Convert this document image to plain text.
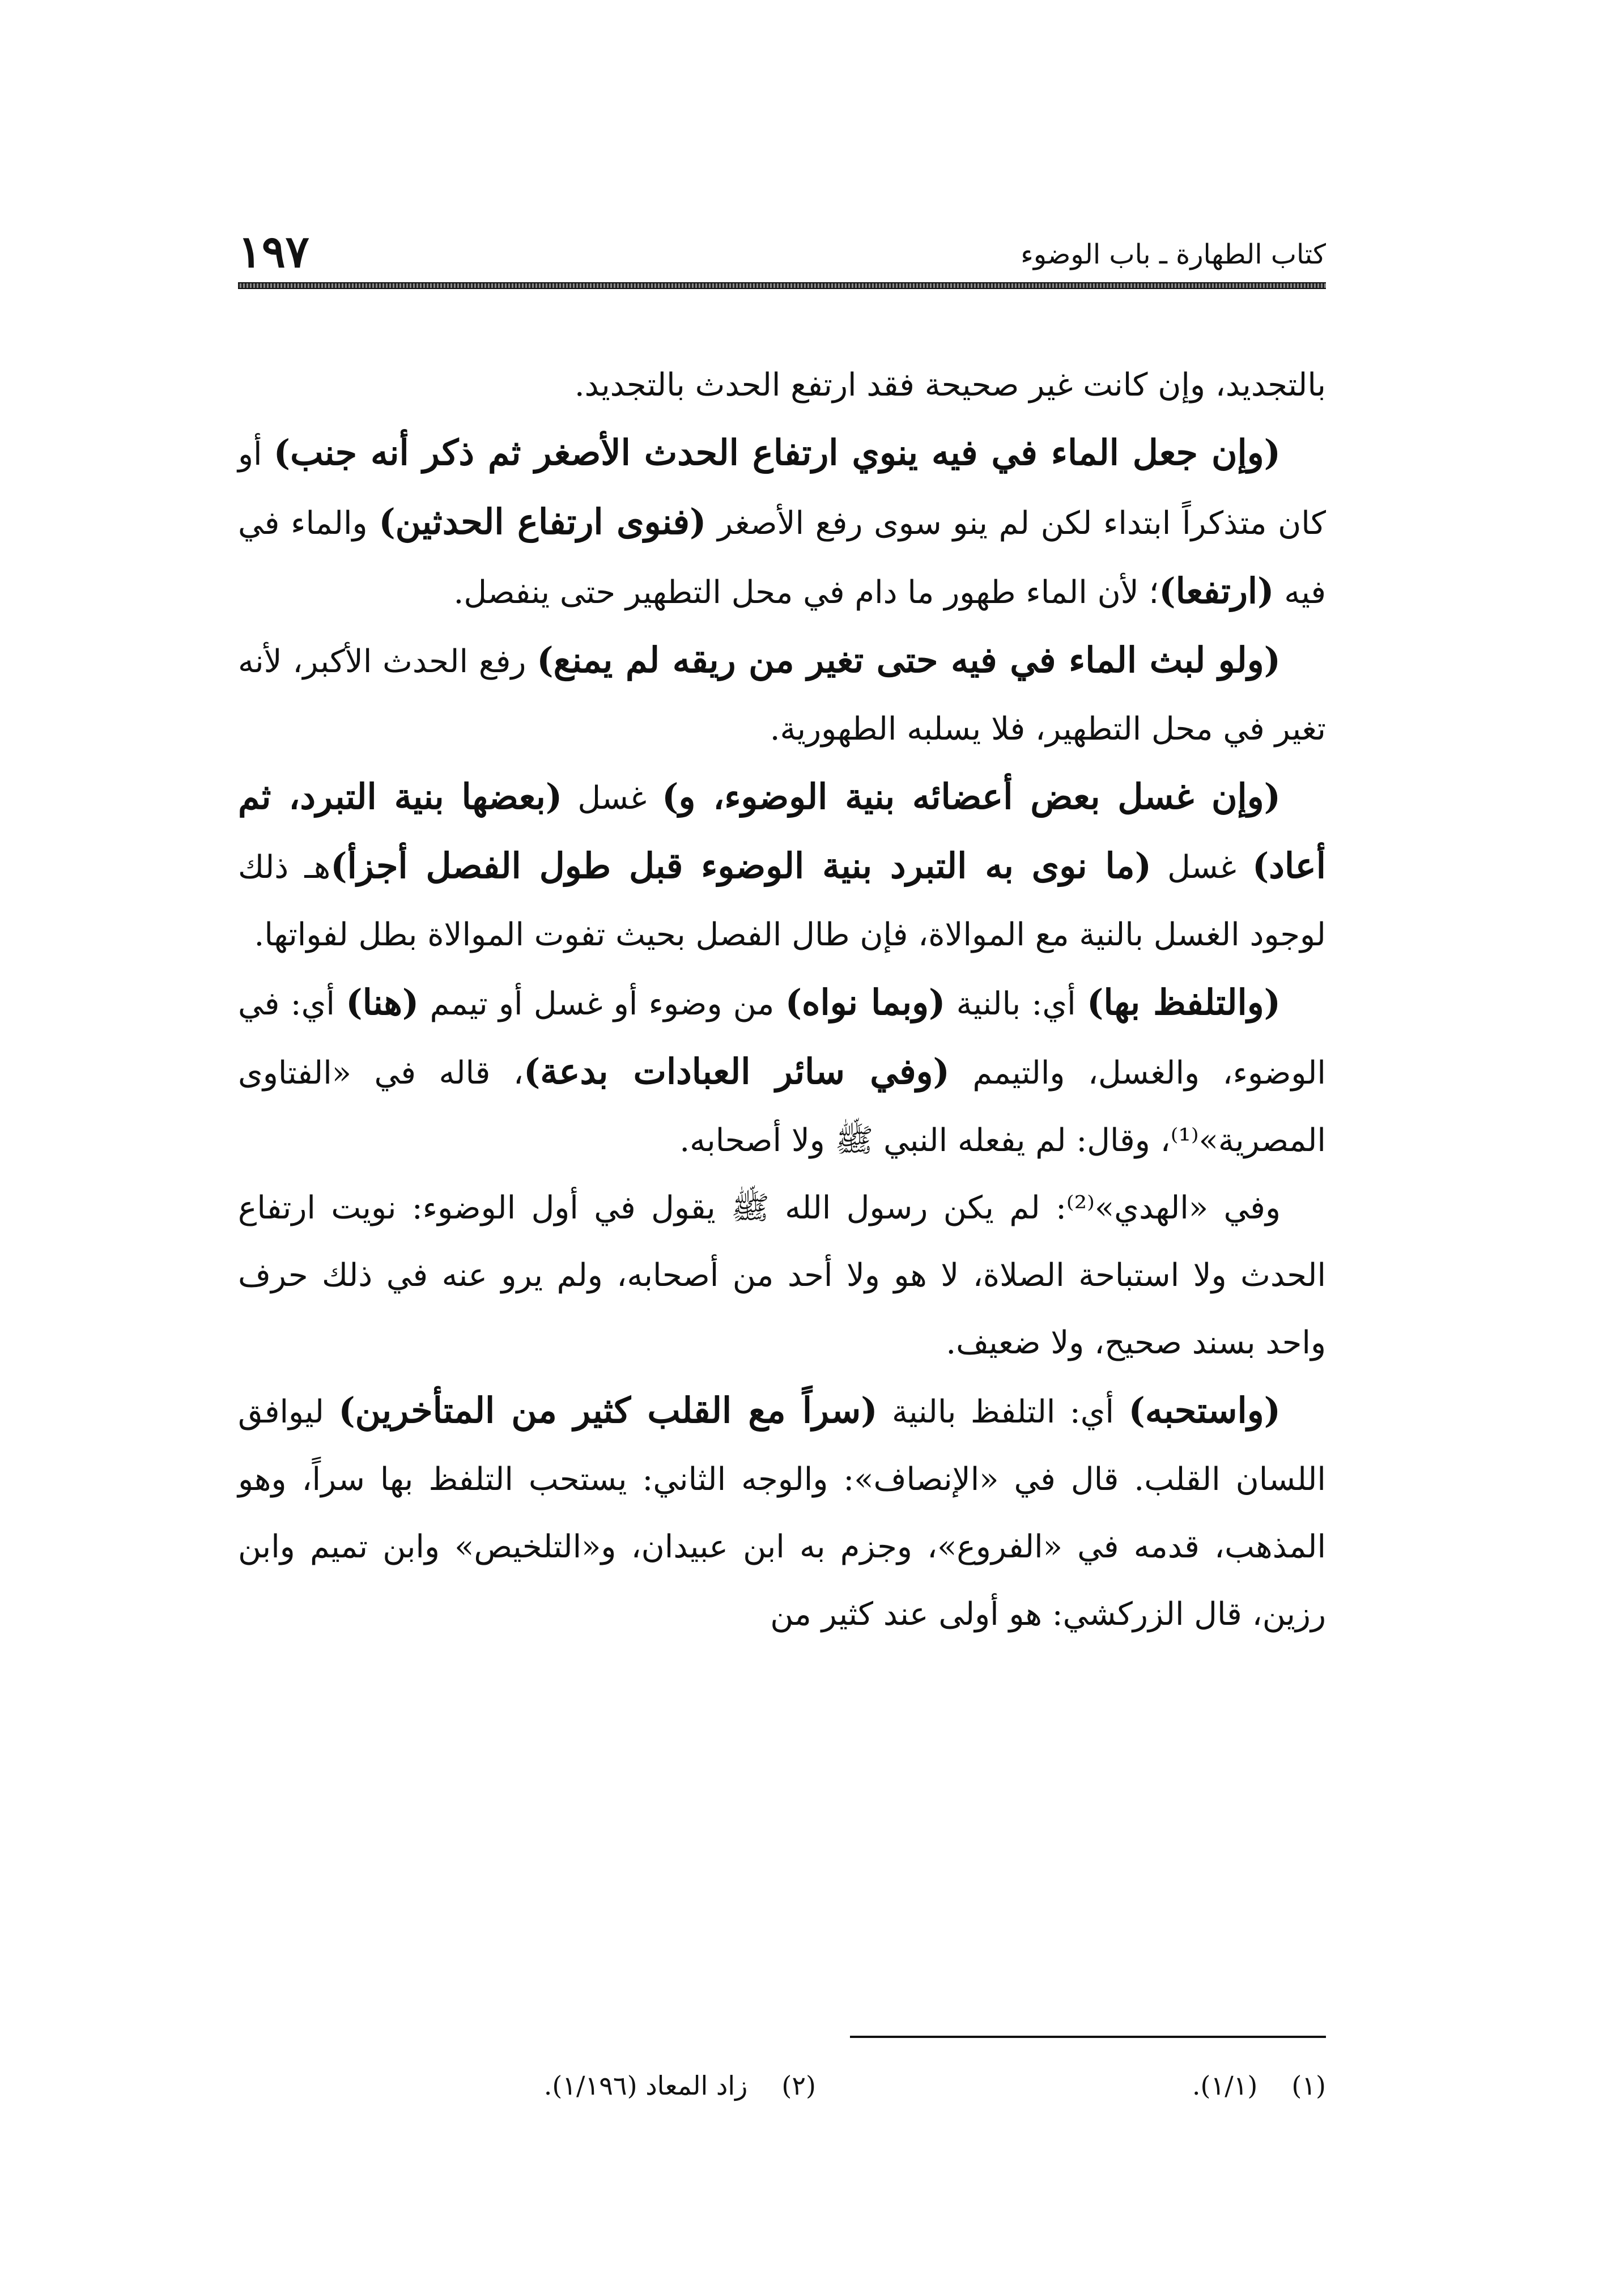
١٩٧	كتاب الطهارة ـ باب الوضوء

بالتجديد، وإن كانت غير صحيحة فقد ارتفع الحدث بالتجديد.

(وإن جعل الماء في فيه ينوي ارتفاع الحدث الأصغر ثم ذكر أنه جنب) أو كان متذكراً ابتداء لكن لم ينو سوى رفع الأصغر (فنوى ارتفاع الحدثين) والماء في فيه (ارتفعا)؛ لأن الماء طهور ما دام في محل التطهير حتى ينفصل.

(ولو لبث الماء في فيه حتى تغير من ريقه لم يمنع) رفع الحدث الأكبر، لأنه تغير في محل التطهير، فلا يسلبه الطهورية.

(وإن غسل بعض أعضائه بنية الوضوء، و) غسل (بعضها بنية التبرد، ثم أعاد) غسل (ما نوى به التبرد بنية الوضوء قبل طول الفصل أجزأ)هـ ذلك لوجود الغسل بالنية مع الموالاة، فإن طال الفصل بحيث تفوت الموالاة بطل لفواتها.

(والتلفظ بها) أي: بالنية (وبما نواه) من وضوء أو غسل أو تيمم (هنا) أي: في الوضوء، والغسل، والتيمم (وفي سائر العبادات بدعة)، قاله في «الفتاوى المصرية»⁽¹⁾، وقال: لم يفعله النبي ﷺ ولا أصحابه.

وفي «الهدي»⁽²⁾: لم يكن رسول الله ﷺ يقول في أول الوضوء: نويت ارتفاع الحدث ولا استباحة الصلاة، لا هو ولا أحد من أصحابه، ولم يرو عنه في ذلك حرف واحد بسند صحيح، ولا ضعيف.

(واستحبه) أي: التلفظ بالنية (سراً مع القلب كثير من المتأخرين) ليوافق اللسان القلب. قال في «الإنصاف»: والوجه الثاني: يستحب التلفظ بها سراً، وهو المذهب، قدمه في «الفروع»، وجزم به ابن عبيدان، و«التلخيص» وابن تميم وابن رزين، قال الزركشي: هو أولى عند كثير من

(١)(١/١).
(٢)زاد المعاد (١/١٩٦).
